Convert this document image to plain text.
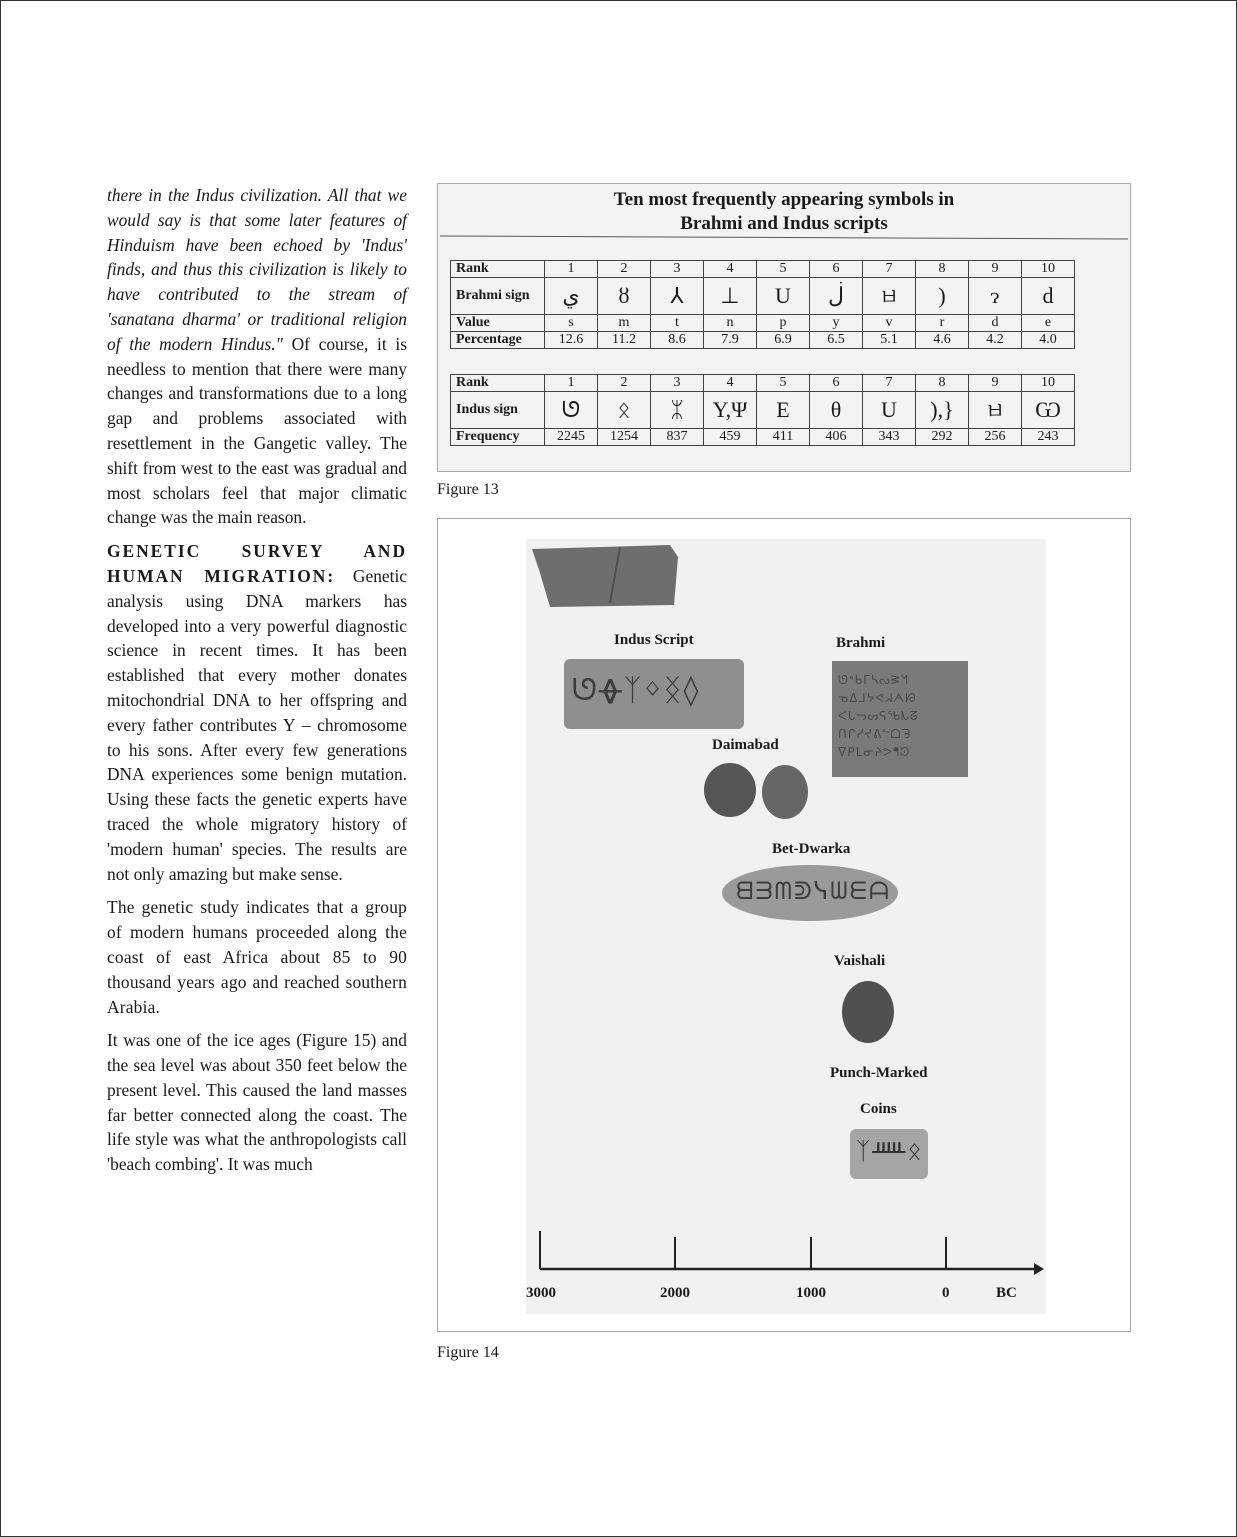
there in the Indus civilization. All that we would say is that some later features of Hinduism have been echoed by 'Indus' finds, and thus this civilization is likely to have contributed to the stream of 'sanatana dharma' or traditional religion of the modern Hindus." Of course, it is needless to mention that there were many changes and transformations due to a long gap and problems associated with resettlement in the Gangetic valley. The shift from west to the east was gradual and most scholars feel that major climatic change was the main reason.

GENETIC SURVEY AND HUMAN MIGRATION: Genetic analysis using DNA markers has developed into a very powerful diagnostic science in recent times. It has been established that every mother donates mitochondrial DNA to her offspring and every father contributes Y – chromosome to his sons. After every few generations DNA experiences some benign mutation. Using these facts the genetic experts have traced the whole migratory history of 'modern human' species. The results are not only amazing but make sense.

The genetic study indicates that a group of modern humans proceeded along the coast of east Africa about 85 to 90 thousand years ago and reached southern Arabia.

It was one of the ice ages (Figure 15) and the sea level was about 350 feet below the present level. This caused the land masses far better connected along the coast. The life style was what the anthropologists call 'beach combing'. It was much

Ten most frequently appearing symbols in
Brahmi and Indus scripts
Rank	1	2	3	4	5	6	7	8	9	10
Brahmi sign	ي	ȣ	⅄	⊥	U	ڶ	ㅂ	)	ɂ	d
Value	s	m	t	n	p	y	v	r	d	e
Percentage	12.6	11.2	8.6	7.9	6.9	6.5	5.1	4.6	4.2	4.0
Rank	1	2	3	4	5	6	7	8	9	10
Indus sign	ᘎ	ᛟ	ᛯ	Y,Ψ	Ε	θ	U	),}	ㅂ	Ѡ
Frequency	2245	1254	837	459	411	406	343	292	256	243
Figure 13
Indus Script	Brahmi
ᘎᚖᛉᛜᛝ◊	ᘎᐤᑲᒥᓴᔓᕒᖿ
ᓀᐃᒧᔭᕙᖽᗅᘗ
ᐸᒐᓓᔕᕋᖃᗃᘔ
ᑎᒋᓯᔪᕕᖦᗝᘋ
ᐁᑭᒪᓂᔨᕗᖳᘱ
Daimabad
Bet-Dwarka
ᗺᗱᗰᕲᓭᗯᗴᗩ
Vaishali
Punch-Marked
Coins
ᛉᚊᛟ
3000	2000	1000	0	BC
Figure 14
